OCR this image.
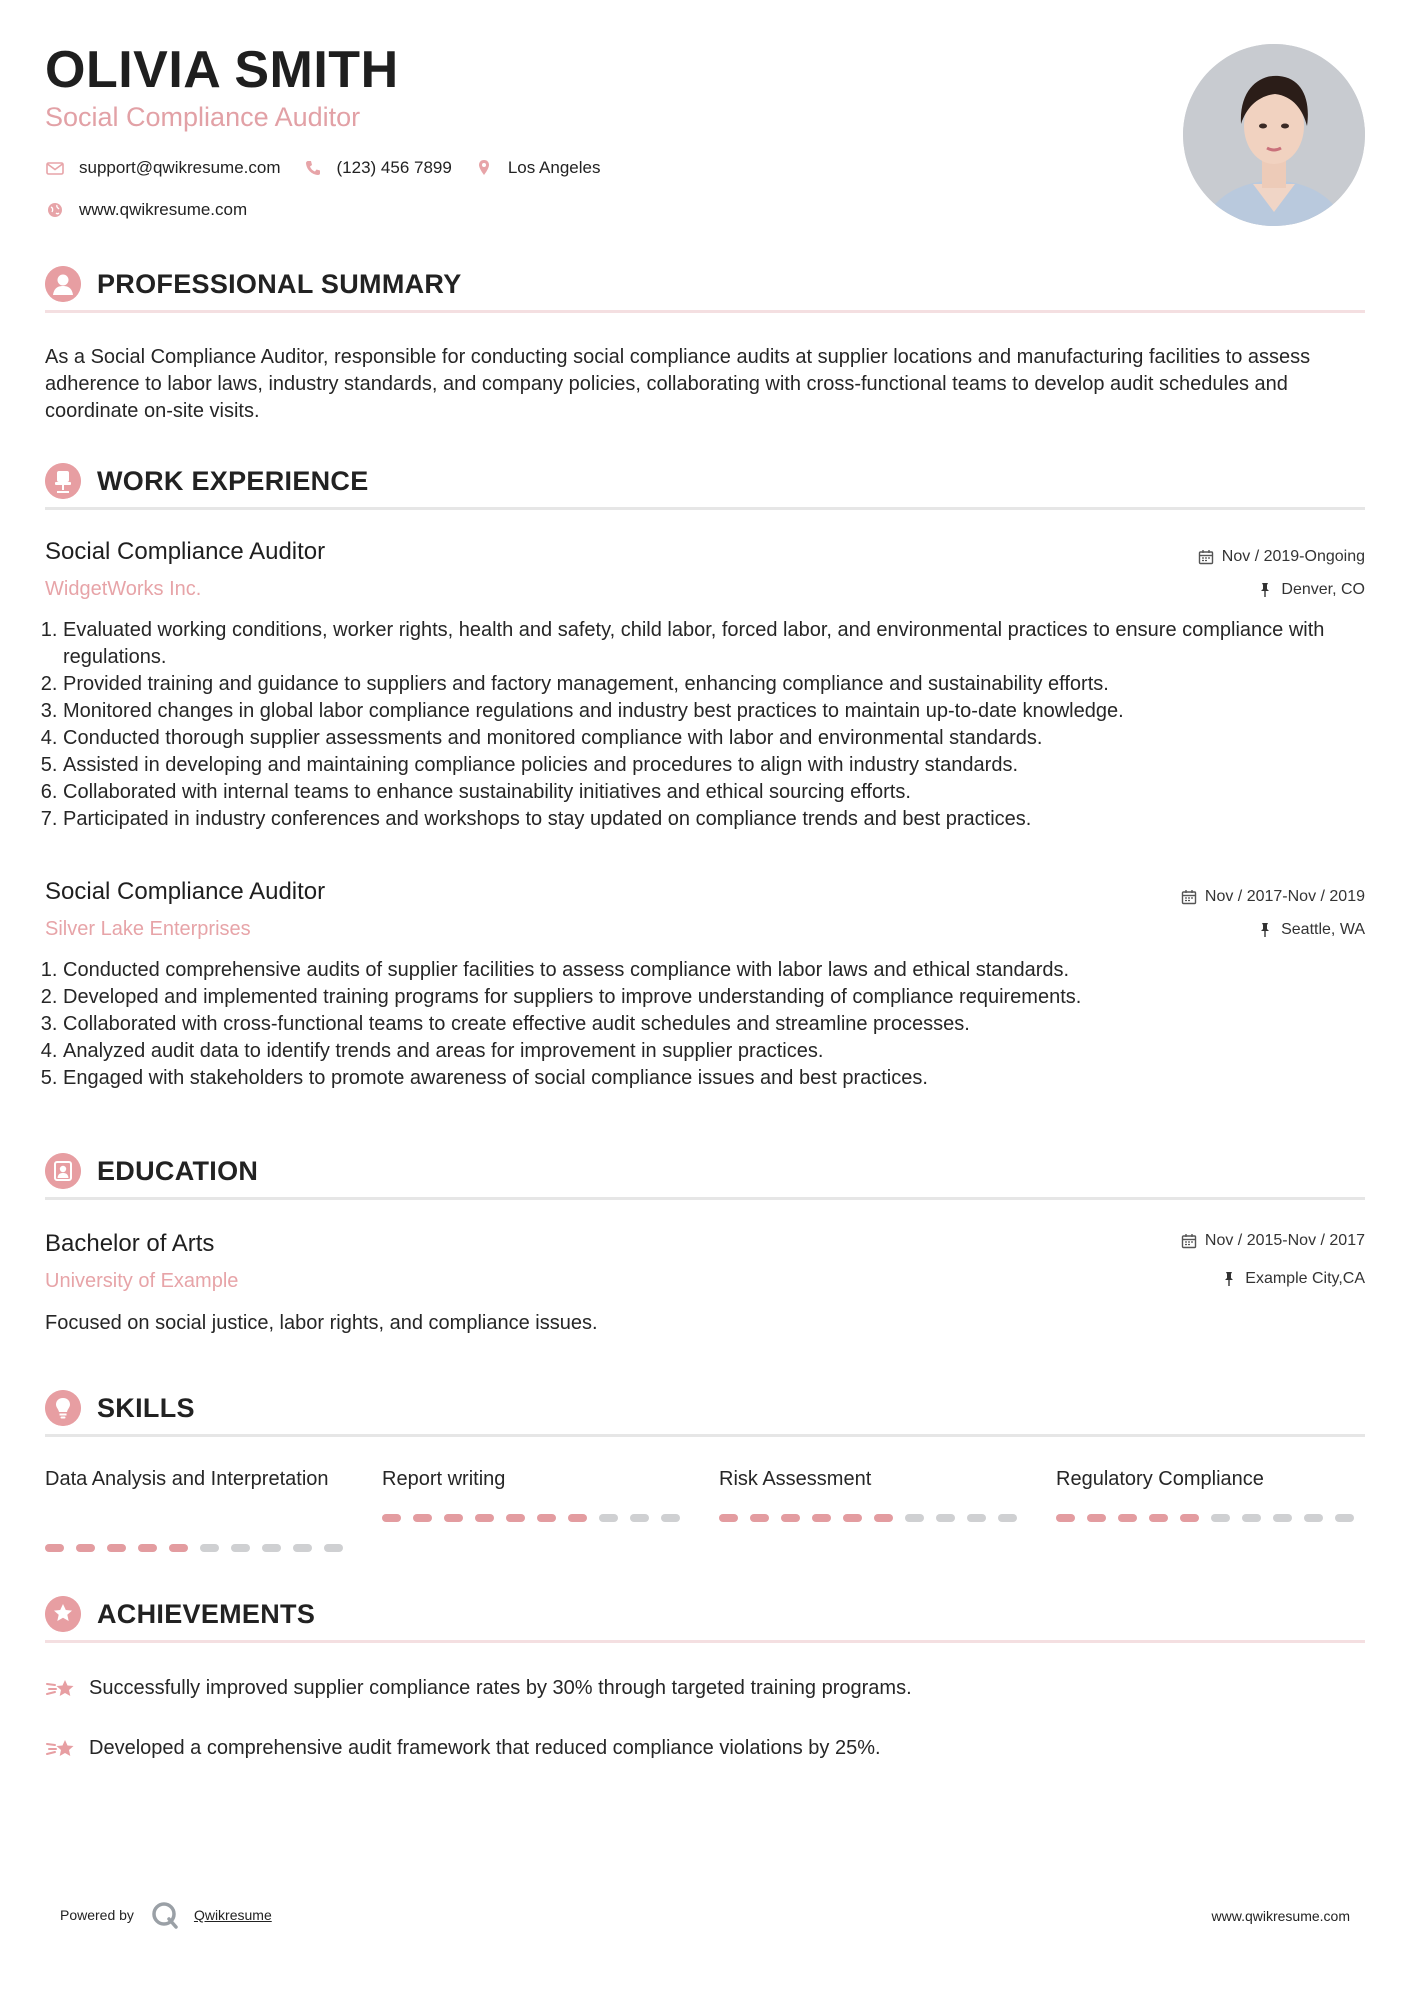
OLIVIA SMITH
Social Compliance Auditor
support@qwikresume.com	(123) 456 7899	Los Angeles
www.qwikresume.com
PROFESSIONAL SUMMARY

As a Social Compliance Auditor, responsible for conducting social compliance audits at supplier locations and manufacturing facilities to assess adherence to labor laws, industry standards, and company policies, collaborating with cross-functional teams to develop audit schedules and coordinate on-site visits.

WORK EXPERIENCE
Social Compliance Auditor	Nov / 2019-Ongoing
WidgetWorks Inc.	Denver, CO
1. Evaluated working conditions, worker rights, health and safety, child labor, forced labor, and environmental practices to ensure compliance with regulations.
2. Provided training and guidance to suppliers and factory management, enhancing compliance and sustainability efforts.
3. Monitored changes in global labor compliance regulations and industry best practices to maintain up-to-date knowledge.
4. Conducted thorough supplier assessments and monitored compliance with labor and environmental standards.
5. Assisted in developing and maintaining compliance policies and procedures to align with industry standards.
6. Collaborated with internal teams to enhance sustainability initiatives and ethical sourcing efforts.
7. Participated in industry conferences and workshops to stay updated on compliance trends and best practices.
Social Compliance Auditor	Nov / 2017-Nov / 2019
Silver Lake Enterprises	Seattle, WA
1. Conducted comprehensive audits of supplier facilities to assess compliance with labor laws and ethical standards.
2. Developed and implemented training programs for suppliers to improve understanding of compliance requirements.
3. Collaborated with cross-functional teams to create effective audit schedules and streamline processes.
4. Analyzed audit data to identify trends and areas for improvement in supplier practices.
5. Engaged with stakeholders to promote awareness of social compliance issues and best practices.
EDUCATION
Bachelor of Arts	Nov / 2015-Nov / 2017
University of Example	Example City,CA

Focused on social justice, labor rights, and compliance issues.

SKILLS
Data Analysis and Interpretation	Report writing	Risk Assessment	Regulatory Compliance
ACHIEVEMENTS
Successfully improved supplier compliance rates by 30% through targeted training programs.
Developed a comprehensive audit framework that reduced compliance violations by 25%.
Powered by	Qwikresume	www.qwikresume.com
